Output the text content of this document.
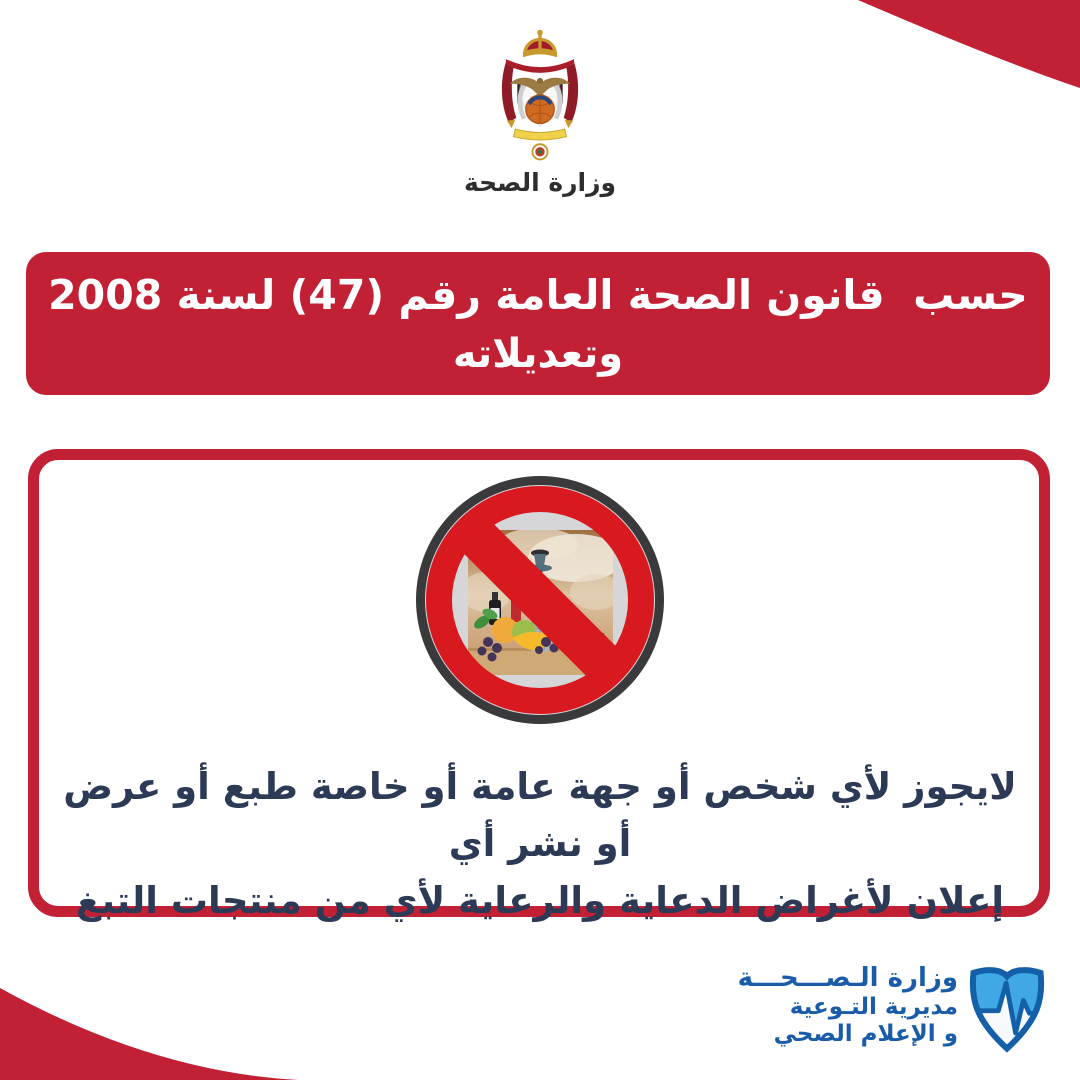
وزارة الصحة
حسب  قانون الصحة العامة رقم (47) لسنة 2008
وتعديلاته
لايجوز لأي شخص أو جهة عامة أو خاصة طبع أو عرض أو نشر أي
إعلان لأغراض الدعاية والرعاية لأي من منتجات التبغ
وزارة الـصـــحـــة
مديرية التـوعية
و الإعلام الصحي
